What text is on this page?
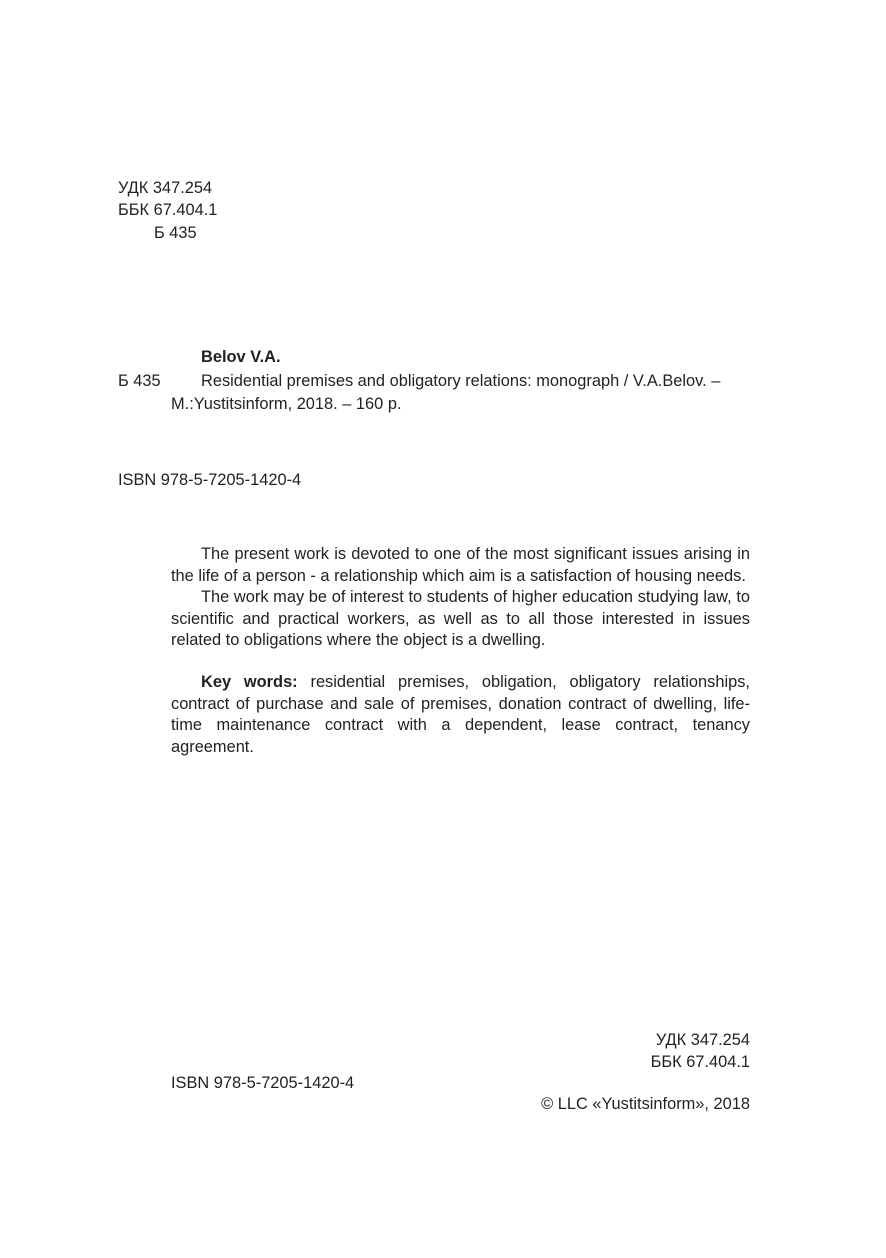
УДК 347.254
ББК 67.404.1
Б 435
Belov V.A.
Б 435 Residential premises and obligatory relations: monograph / V.A.Belov. –
M.:Yustitsinform, 2018. – 160 p.
ISBN 978-5-7205-1420-4

The present work is devoted to one of the most significant issues arising in the life of a person - a relationship which aim is a satisfaction of housing needs.

The work may be of interest to students of higher education studying law, to scientific and practical workers, as well as to all those interested in issues related to obligations where the object is a dwelling.

Key words: residential premises, obligation, obligatory relationships, contract of purchase and sale of premises, donation contract of dwelling, life-time maintenance contract with a dependent, lease contract, tenancy agreement.

УДК 347.254
ББК 67.404.1
ISBN 978-5-7205-1420-4
© LLC «Yustitsinform», 2018
